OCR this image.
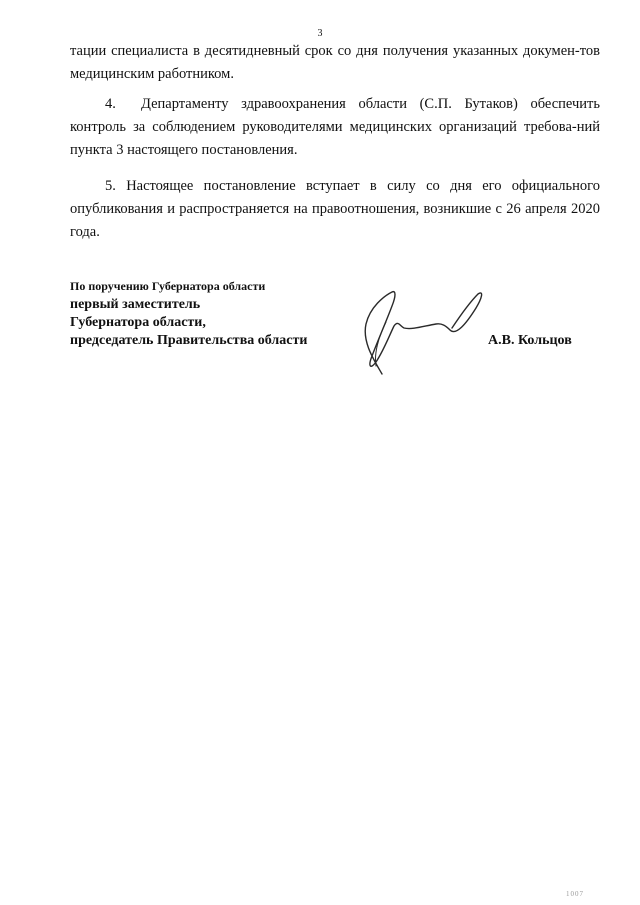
3

тации специалиста в десятидневный срок со дня получения указанных докумен-тов медицинским работником.

4. Департаменту здравоохранения области (С.П. Бутаков) обеспечить контроль за соблюдением руководителями медицинских организаций требова-ний пункта 3 настоящего постановления.

5. Настоящее постановление вступает в силу со дня его официального опубликования и распространяется на правоотношения, возникшие с 26 апреля 2020 года.

По поручению Губернатора области
первый заместитель
Губернатора области,
председатель Правительства области	А.В. Кольцов
1007
